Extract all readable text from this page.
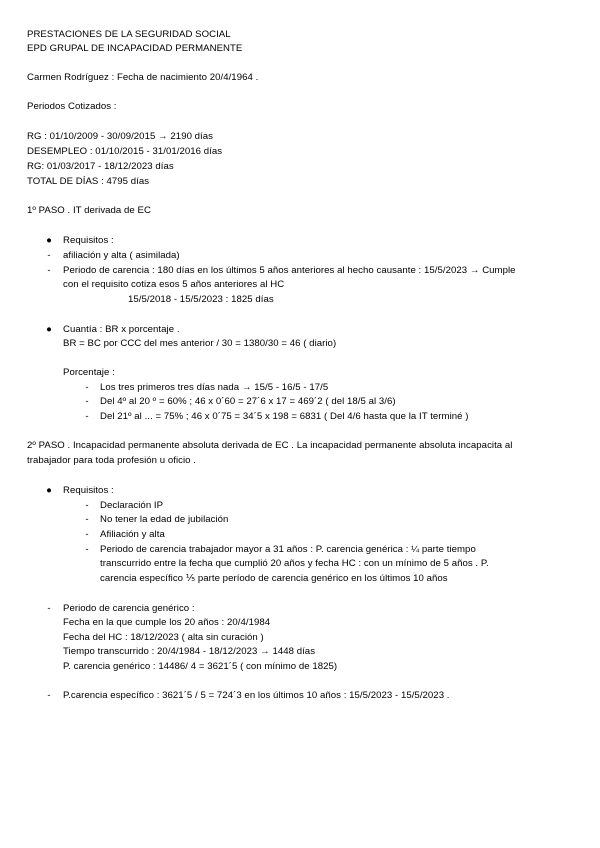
PRESTACIONES DE LA SEGURIDAD SOCIAL
EPD GRUPAL DE INCAPACIDAD PERMANENTE
Carmen Rodríguez : Fecha de nacimiento 20/4/1964 .
Periodos Cotizados :
RG : 01/10/2009 - 30/09/2015 → 2190 días
DESEMPLEO : 01/10/2015 - 31/01/2016 días
RG: 01/03/2017 - 18/12/2023 días
TOTAL DE DÍAS : 4795 días
1º PASO . IT derivada de EC
● Requisitos :
-	afiliación y alta ( asimilada)
-	Periodo de carencia : 180 días en los últimos 5 años anteriores al hecho causante : 15/5/2023 → Cumple
con el requisito cotiza esos 5 años anteriores al HC
15/5/2018 - 15/5/2023 : 1825 días
● Cuantía : BR x porcentaje .
BR = BC por CCC del mes anterior / 30 = 1380/30 = 46 ( diario)
Porcentaje :
-	Los tres primeros tres días nada → 15/5 - 16/5 - 17/5
-	Del 4º al 20 º = 60% ; 46 x 0´60 = 27´6 x 17 = 469´2 ( del 18/5 al 3/6)
-	Del 21º al ... = 75% ; 46 x 0´75 = 34´5 x 198 = 6831 ( Del 4/6 hasta que la IT terminé )
2º PASO . Incapacidad permanente absoluta derivada de EC . La incapacidad permanente absoluta incapacita al
trabajador para toda profesión u oficio .
● Requisitos :
-	Declaración IP
-	No tener la edad de jubilación
-	Afiliación y alta
-	Periodo de carencia trabajador mayor a 31 años : P. carencia genérica : ¼ parte tiempo
transcurrido entre la fecha que cumplió 20 años y fecha HC : con un mínimo de 5 años . P.
carencia específico ⅕ parte período de carencia genérico en los últimos 10 años
-	Periodo de carencia genérico :
Fecha en la que cumple los 20 años : 20/4/1984
Fecha del HC : 18/12/2023 ( alta sin curación )
Tiempo transcurrido : 20/4/1984 - 18/12/2023 → 1448 días
P. carencia genérico : 14486/ 4 = 3621´5 ( con mínimo de 1825)
-	P.carencia específico : 3621´5 / 5 = 724´3 en los últimos 10 años : 15/5/2023 - 15/5/2023 .
